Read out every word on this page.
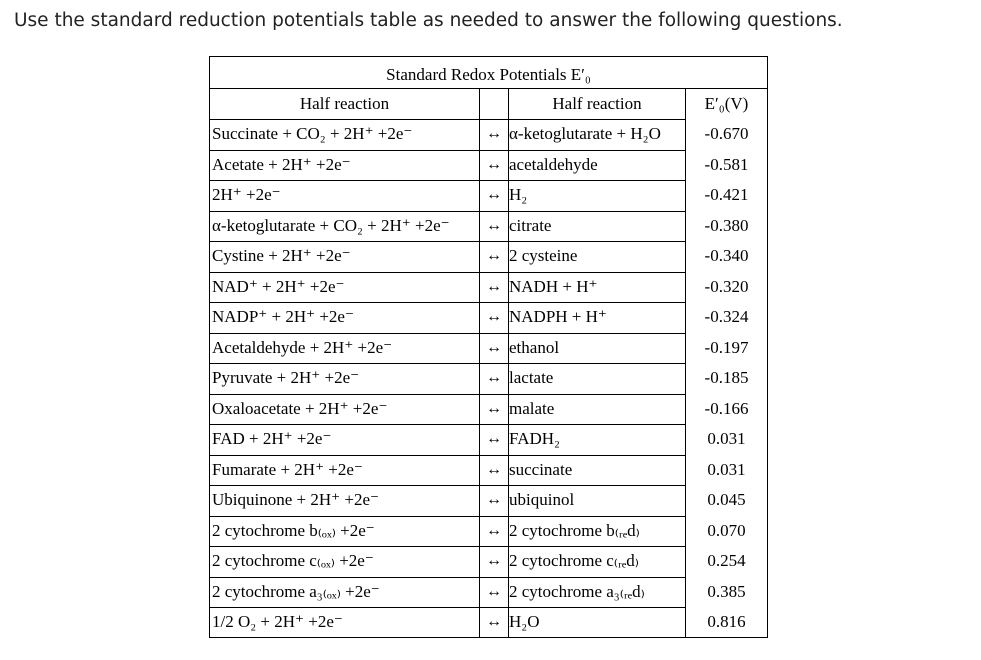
Use the standard reduction potentials table as needed to answer the following questions.
Standard Redox Potentials E′₀
Half reaction	Half reaction	E′₀(V)
Succinate + CO₂ + 2H⁺ +2e⁻	↔ α-ketoglutarate + H₂O	-0.670
Acetate + 2H⁺ +2e⁻	↔ acetaldehyde	-0.581
2H⁺ +2e⁻	↔ H₂	-0.421
α-ketoglutarate + CO₂ + 2H⁺ +2e⁻	↔ citrate	-0.380
Cystine + 2H⁺ +2e⁻	↔ 2 cysteine	-0.340
NAD⁺ + 2H⁺ +2e⁻	↔ NADH + H⁺	-0.320
NADP⁺ + 2H⁺ +2e⁻	↔ NADPH + H⁺	-0.324
Acetaldehyde + 2H⁺ +2e⁻	↔ ethanol	-0.197
Pyruvate + 2H⁺ +2e⁻	↔ lactate	-0.185
Oxaloacetate + 2H⁺ +2e⁻	↔ malate	-0.166
FAD + 2H⁺ +2e⁻	↔ FADH₂	0.031
Fumarate + 2H⁺ +2e⁻	↔ succinate	0.031
Ubiquinone + 2H⁺ +2e⁻	↔ ubiquinol	0.045
2 cytochrome b₍ₒₓ₎ +2e⁻	↔ 2 cytochrome b₍ᵣₑd₎	0.070
2 cytochrome c₍ₒₓ₎ +2e⁻	↔ 2 cytochrome c₍ᵣₑd₎	0.254
2 cytochrome a₃₍ₒₓ₎ +2e⁻	↔ 2 cytochrome a₃₍ᵣₑd₎	0.385
1/2 O₂ + 2H⁺ +2e⁻	↔ H₂O	0.816
